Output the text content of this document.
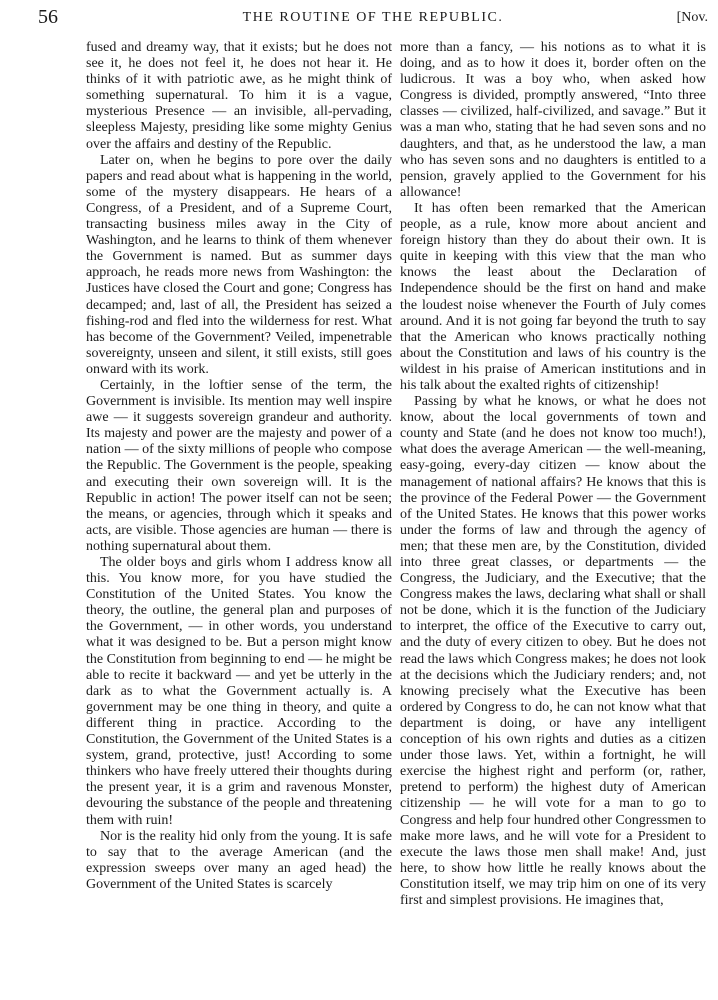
56	THE ROUTINE OF THE REPUBLIC.	[Nov.

fused and dreamy way, that it exists; but he does not see it, he does not feel it, he does not hear it. He thinks of it with patriotic awe, as he might think of something supernatural. To him it is a vague, mysterious Presence — an invisible, all-pervading, sleepless Majesty, presiding like some mighty Genius over the affairs and destiny of the Republic.

Later on, when he begins to pore over the daily papers and read about what is happening in the world, some of the mystery disappears. He hears of a Congress, of a President, and of a Supreme Court, transacting business miles away in the City of Washington, and he learns to think of them whenever the Government is named. But as summer days approach, he reads more news from Washington: the Justices have closed the Court and gone; Congress has decamped; and, last of all, the President has seized a fishing-rod and fled into the wilderness for rest. What has become of the Government? Veiled, impenetrable sovereignty, unseen and silent, it still exists, still goes onward with its work.

Certainly, in the loftier sense of the term, the Government is invisible. Its mention may well inspire awe — it suggests sovereign grandeur and authority. Its majesty and power are the majesty and power of a nation — of the sixty millions of people who compose the Republic. The Government is the people, speaking and executing their own sovereign will. It is the Republic in action! The power itself can not be seen; the means, or agencies, through which it speaks and acts, are visible. Those agencies are human — there is nothing supernatural about them.

The older boys and girls whom I address know all this. You know more, for you have studied the Constitution of the United States. You know the theory, the outline, the general plan and purposes of the Government, — in other words, you understand what it was designed to be. But a person might know the Constitution from beginning to end — he might be able to recite it backward — and yet be utterly in the dark as to what the Government actually is. A government may be one thing in theory, and quite a different thing in practice. According to the Constitution, the Government of the United States is a system, grand, protective, just! According to some thinkers who have freely uttered their thoughts during the present year, it is a grim and ravenous Monster, devouring the substance of the people and threatening them with ruin!

Nor is the reality hid only from the young. It is safe to say that to the average American (and the expression sweeps over many an aged head) the Government of the United States is scarcely

more than a fancy, — his notions as to what it is doing, and as to how it does it, border often on the ludicrous. It was a boy who, when asked how Congress is divided, promptly answered, “Into three classes — civilized, half-civilized, and savage.” But it was a man who, stating that he had seven sons and no daughters, and that, as he understood the law, a man who has seven sons and no daughters is entitled to a pension, gravely applied to the Government for his allowance!

It has often been remarked that the American people, as a rule, know more about ancient and foreign history than they do about their own. It is quite in keeping with this view that the man who knows the least about the Declaration of Independence should be the first on hand and make the loudest noise whenever the Fourth of July comes around. And it is not going far beyond the truth to say that the American who knows practically nothing about the Constitution and laws of his country is the wildest in his praise of American institutions and in his talk about the exalted rights of citizenship!

Passing by what he knows, or what he does not know, about the local governments of town and county and State (and he does not know too much!), what does the average American — the well-meaning, easy-going, every-day citizen — know about the management of national affairs? He knows that this is the province of the Federal Power — the Government of the United States. He knows that this power works under the forms of law and through the agency of men; that these men are, by the Constitution, divided into three great classes, or departments — the Congress, the Judiciary, and the Executive; that the Congress makes the laws, declaring what shall or shall not be done, which it is the function of the Judiciary to interpret, the office of the Executive to carry out, and the duty of every citizen to obey. But he does not read the laws which Congress makes; he does not look at the decisions which the Judiciary renders; and, not knowing precisely what the Executive has been ordered by Congress to do, he can not know what that department is doing, or have any intelligent conception of his own rights and duties as a citizen under those laws. Yet, within a fortnight, he will exercise the highest right and perform (or, rather, pretend to perform) the highest duty of American citizenship — he will vote for a man to go to Congress and help four hundred other Congressmen to make more laws, and he will vote for a President to execute the laws those men shall make! And, just here, to show how little he really knows about the Constitution itself, we may trip him on one of its very first and simplest provisions. He imagines that,
